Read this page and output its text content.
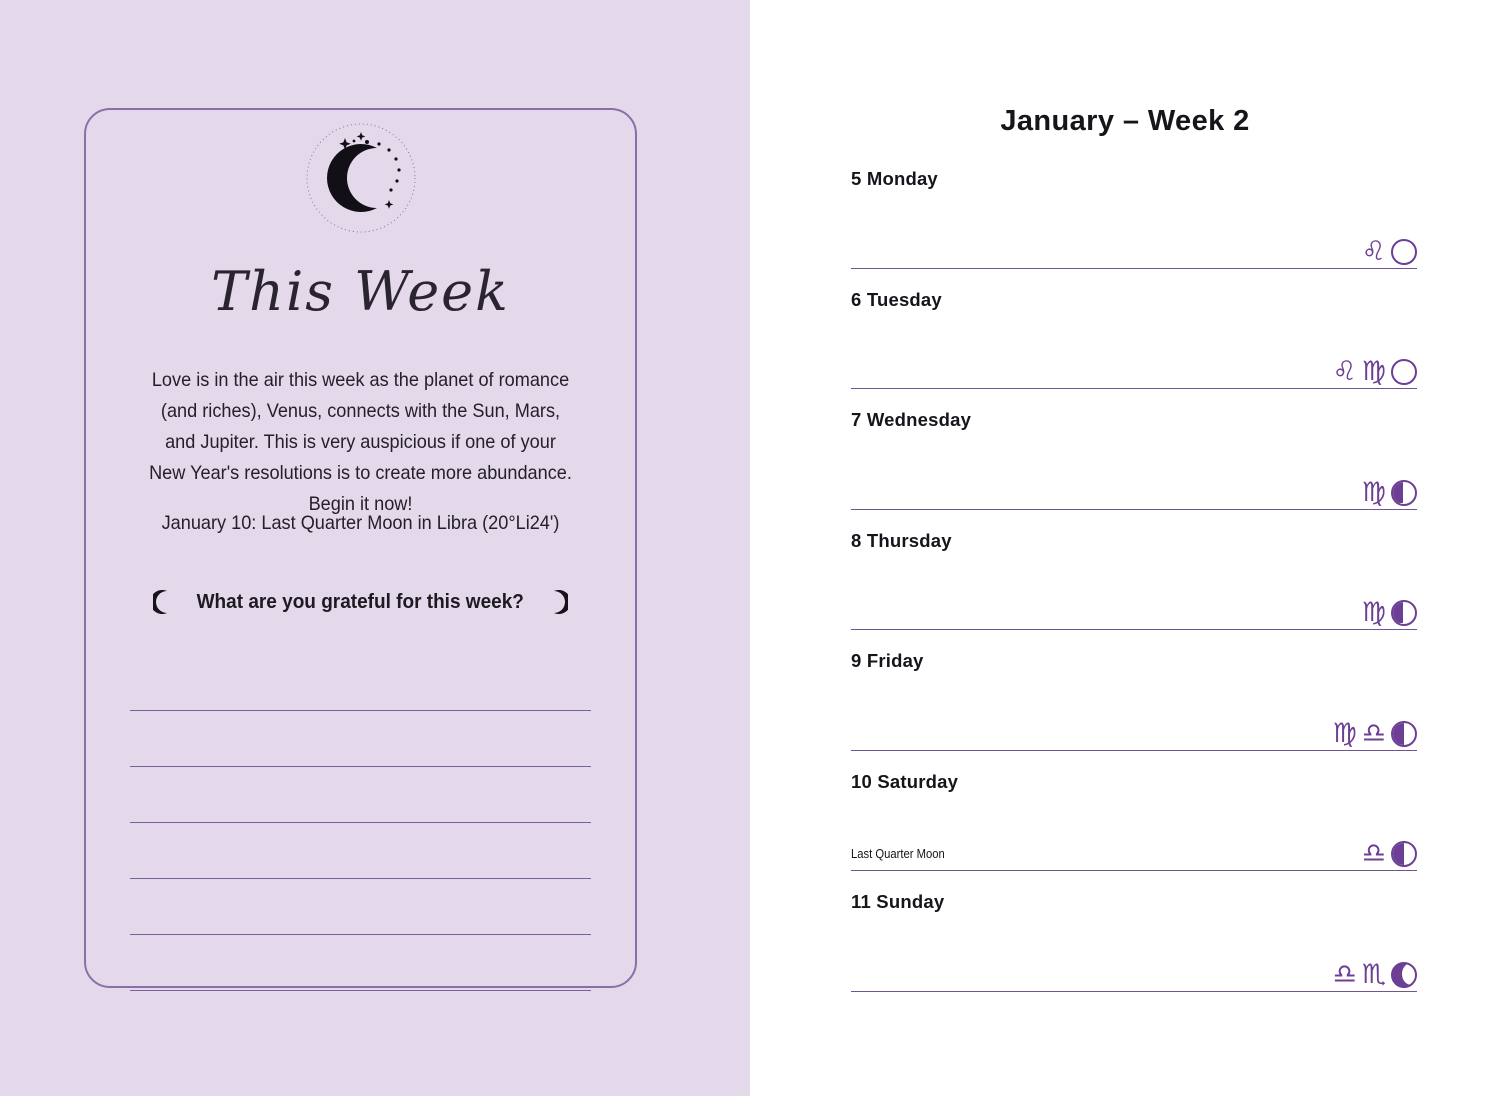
This Week
Love is in the air this week as the planet of romance (and riches), Venus, connects with the Sun, Mars, and Jupiter. This is very auspicious if one of your New Year's resolutions is to create more abundance. Begin it now!
January 10: Last Quarter Moon in Libra (20°Li24')
What are you grateful for this week?
January – Week 2
5 Monday
♌
6 Tuesday
♌ ♍
7 Wednesday
♍
8 Thursday
♍
9 Friday
♍ ♎
10 Saturday
Last Quarter Moon	♎
11 Sunday
♎ ♏
